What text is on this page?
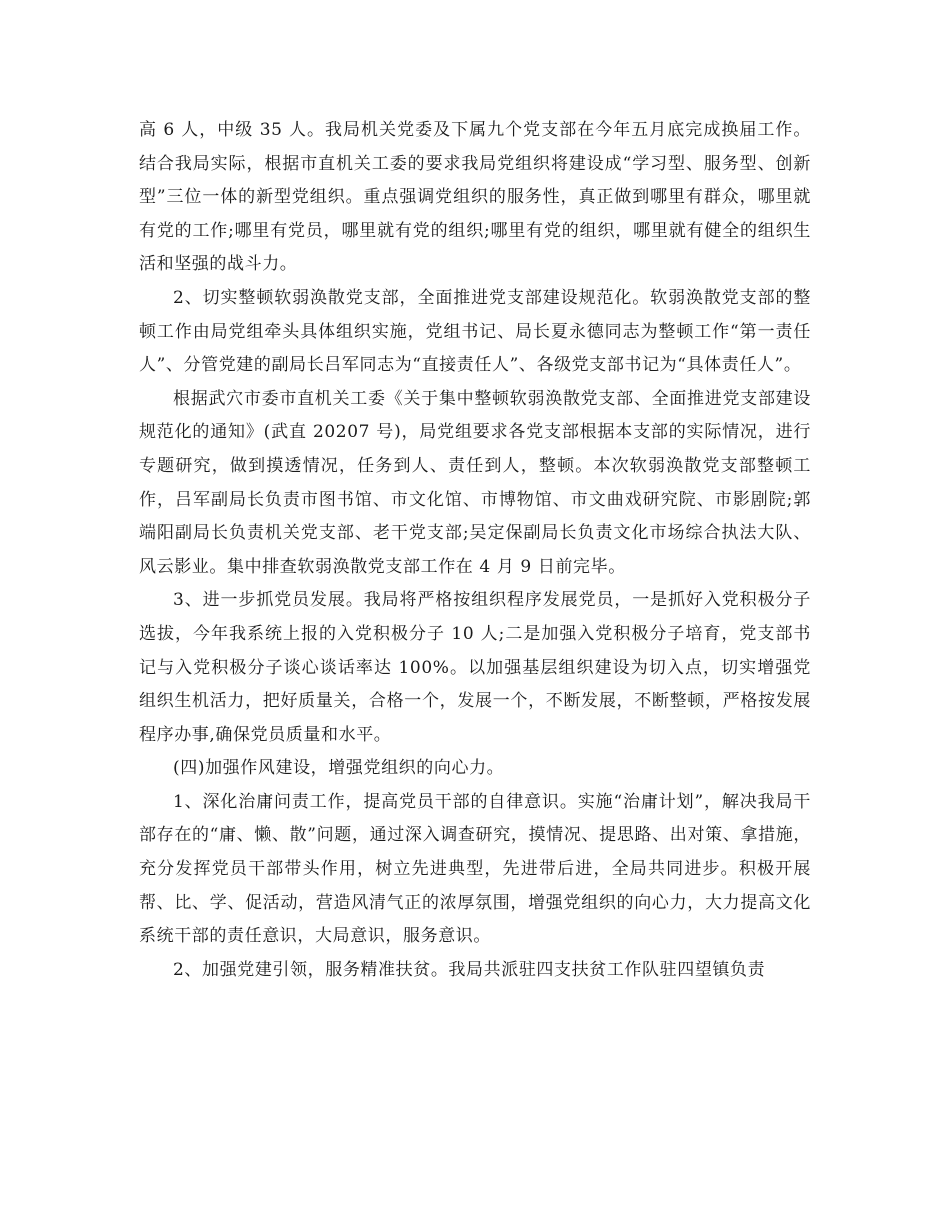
高 6 人，中级 35 人。我局机关党委及下属九个党支部在今年五月底完成换届工作。结合我局实际，根据市直机关工委的要求我局党组织将建设成“学习型、服务型、创新型”三位一体的新型党组织。重点强调党组织的服务性，真正做到哪里有群众，哪里就有党的工作;哪里有党员，哪里就有党的组织;哪里有党的组织，哪里就有健全的组织生活和坚强的战斗力。

2、切实整顿软弱涣散党支部，全面推进党支部建设规范化。软弱涣散党支部的整顿工作由局党组牵头具体组织实施，党组书记、局长夏永德同志为整顿工作“第一责任人”、分管党建的副局长吕军同志为“直接责任人”、各级党支部书记为“具体责任人”。

根据武穴市委市直机关工委《关于集中整顿软弱涣散党支部、全面推进党支部建设规范化的通知》(武直 20207 号)，局党组要求各党支部根据本支部的实际情况，进行专题研究，做到摸透情况，任务到人、责任到人，整顿。本次软弱涣散党支部整顿工作，吕军副局长负责市图书馆、市文化馆、市博物馆、市文曲戏研究院、市影剧院;郭端阳副局长负责机关党支部、老干党支部;吴定保副局长负责文化市场综合执法大队、风云影业。集中排查软弱涣散党支部工作在 4 月 9 日前完毕。

3、进一步抓党员发展。我局将严格按组织程序发展党员，一是抓好入党积极分子选拔，今年我系统上报的入党积极分子 10 人;二是加强入党积极分子培育，党支部书记与入党积极分子谈心谈话率达 100%。以加强基层组织建设为切入点，切实增强党组织生机活力，把好质量关，合格一个，发展一个，不断发展，不断整顿，严格按发展程序办事,确保党员质量和水平。

(四)加强作风建设，增强党组织的向心力。

1、深化治庸问责工作，提高党员干部的自律意识。实施“治庸计划”，解决我局干部存在的“庸、懒、散”问题，通过深入调查研究，摸情况、提思路、出对策、拿措施，充分发挥党员干部带头作用，树立先进典型，先进带后进，全局共同进步。积极开展帮、比、学、促活动，营造风清气正的浓厚氛围，增强党组织的向心力，大力提高文化系统干部的责任意识，大局意识，服务意识。

2、加强党建引领，服务精准扶贫。我局共派驻四支扶贫工作队驻四望镇负责
